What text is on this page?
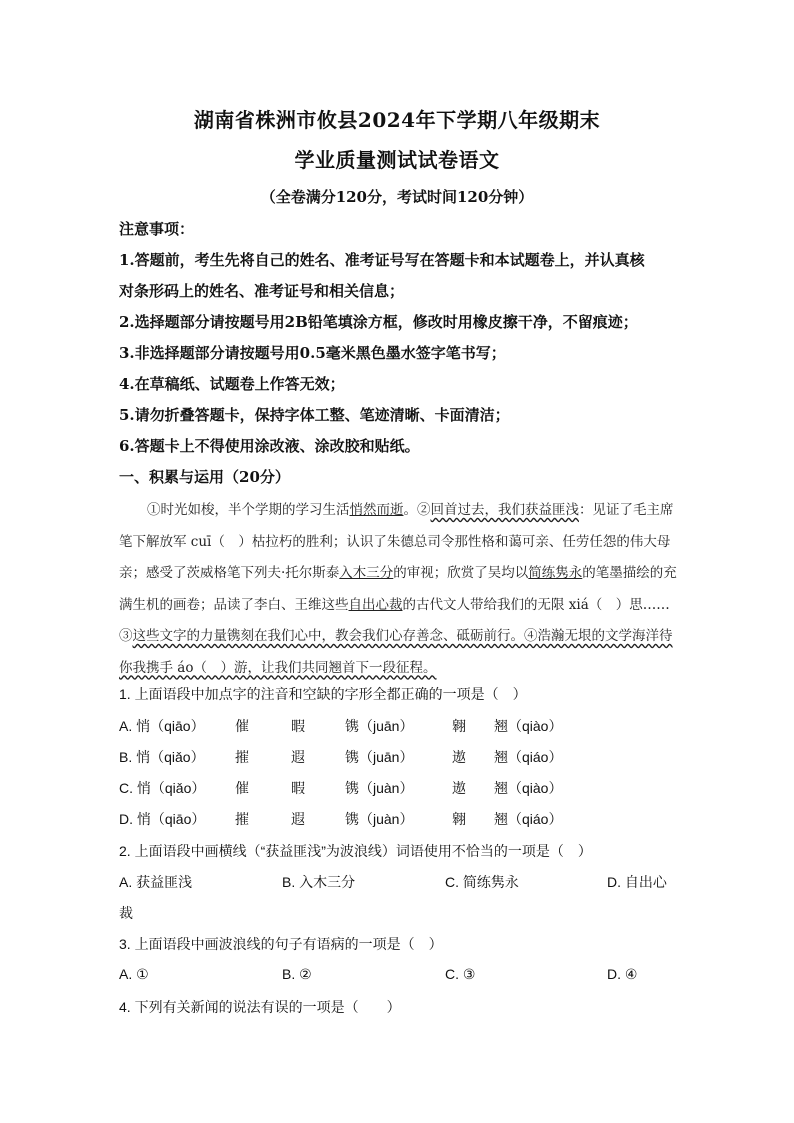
湖南省株洲市攸县2024年下学期八年级期末
学业质量测试试卷语文
（全卷满分120分，考试时间120分钟）
注意事项：
1.答题前，考生先将自己的姓名、准考证号写在答题卡和本试题卷上，并认真核
对条形码上的姓名、准考证号和相关信息；
2.选择题部分请按题号用2B铅笔填涂方框，修改时用橡皮擦干净，不留痕迹；
3.非选择题部分请按题号用0.5毫米黑色墨水签字笔书写；
4.在草稿纸、试题卷上作答无效；
5.请勿折叠答题卡，保持字体工整、笔迹清晰、卡面清洁；
6.答题卡上不得使用涂改液、涂改胶和贴纸。
一、积累与运用（20分）
①时光如梭，半个学期的学习生活悄然而逝。②回首过去，我们获益匪浅：见证了毛主席笔下解放军 cuī（　）枯拉朽的胜利；认识了朱德总司令那性格和蔼可亲、任劳任怨的伟大母亲；感受了茨威格笔下列夫·托尔斯泰入木三分的审视；欣赏了吴均以简练隽永的笔墨描绘的充满生机的画卷；品读了李白、王维这些自出心裁的古代文人带给我们的无限 xiá（　）思……③这些文字的力量镌刻在我们心中，教会我们心存善念、砥砺前行。④浩瀚无垠的文学海洋待你我携手 áo（　）游，让我们共同翘首下一段征程。
1. 上面语段中加点字的注音和空缺的字形全都正确的一项是（　）
A. 悄（qiāo） 催	暇	镌（juān）	翱 翘（qiào）
B. 悄（qiǎo） 摧	遐	镌（juān）	遨 翘（qiáo）
C. 悄（qiǎo） 催	暇	镌（juàn）	遨 翘（qiào）
D. 悄（qiāo） 摧	遐	镌（juàn）	翱 翘（qiáo）
2. 上面语段中画横线（“获益匪浅”为波浪线）词语使用不恰当的一项是（　）
A. 获益匪浅	B. 入木三分	C. 简练隽永	D. 自出心
裁
3. 上面语段中画波浪线的句子有语病的一项是（　）
A. ①	B. ②	C. ③	D. ④
4. 下列有关新闻的说法有误的一项是（　　）
